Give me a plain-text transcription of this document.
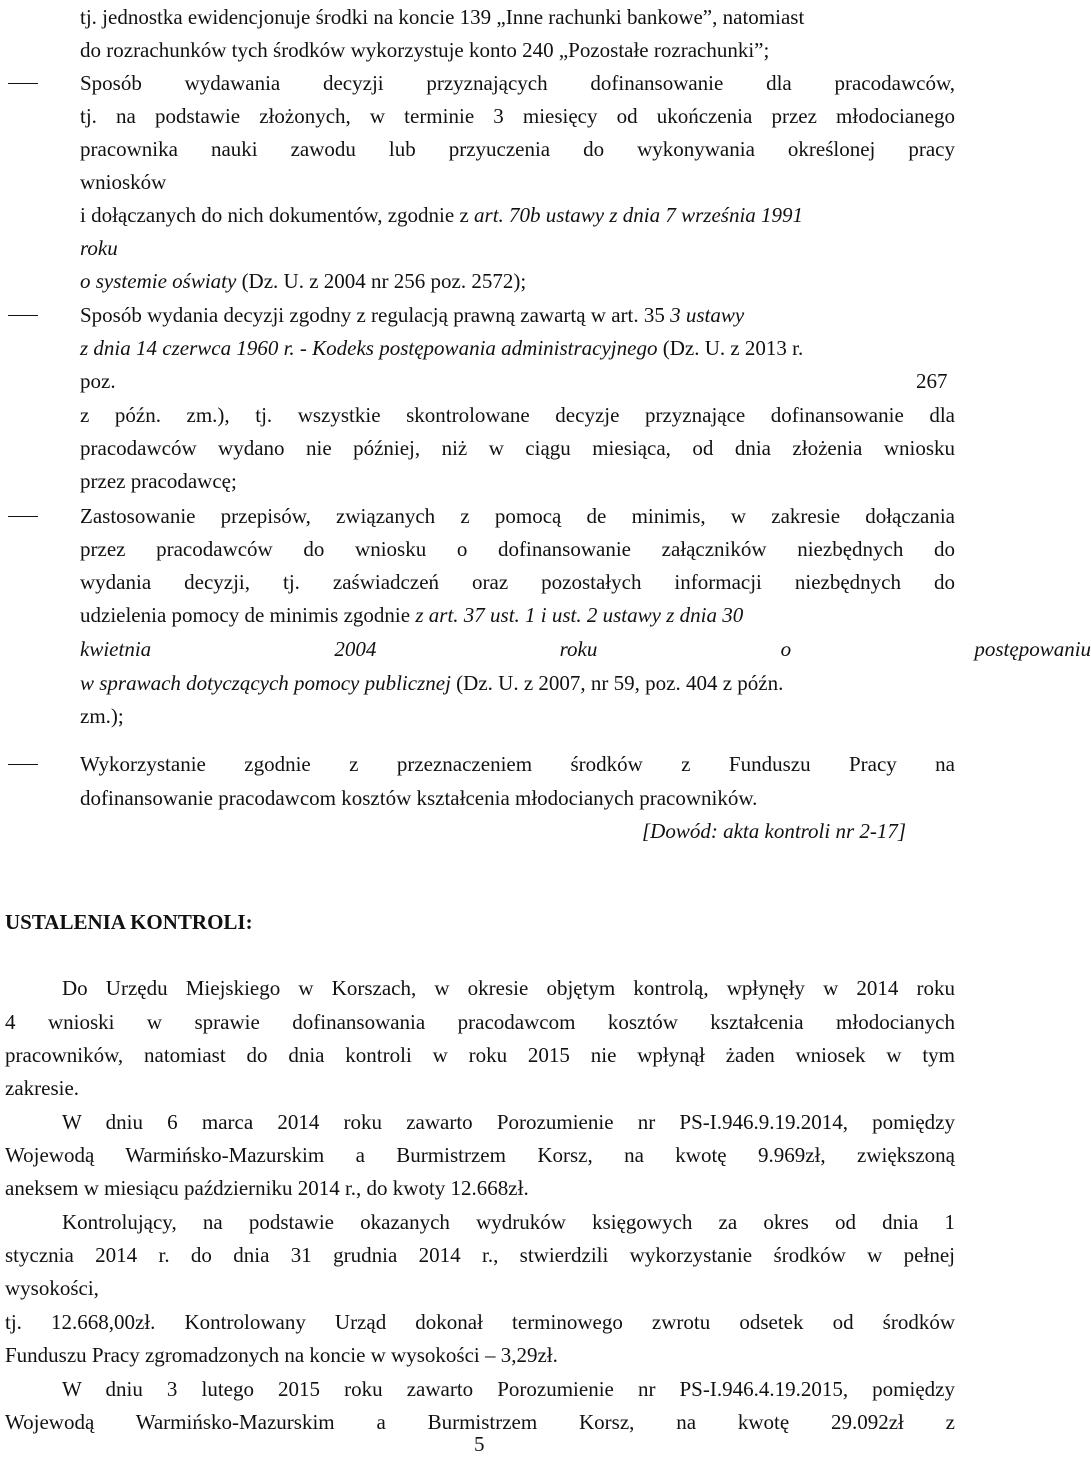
tj. jednostka ewidencjonuje środki na koncie 139 „Inne rachunki bankowe”, natomiast
do rozrachunków tych środków wykorzystuje konto 240 „Pozostałe rozrachunki”;
Sposób wydawania decyzji przyznających dofinansowanie dla pracodawców,
tj. na podstawie złożonych, w terminie 3 miesięcy od ukończenia przez młodocianego
pracownika nauki zawodu lub przyuczenia do wykonywania określonej pracy
wniosków
i dołączanych do nich dokumentów, zgodnie z art. 70b ustawy z dnia 7 września 1991
roku
o systemie oświaty (Dz. U. z 2004 nr 256 poz. 2572);
Sposób wydania decyzji zgodny z regulacją prawną zawartą w art. 35 3 ustawy
z dnia 14 czerwca 1960 r. - Kodeks postępowania administracyjnego (Dz. U. z 2013 r.
poz.	267
z późn. zm.), tj. wszystkie skontrolowane decyzje przyznające dofinansowanie dla
pracodawców wydano nie później, niż w ciągu miesiąca, od dnia złożenia wniosku
przez pracodawcę;
Zastosowanie przepisów, związanych z pomocą de minimis, w zakresie dołączania
przez pracodawców do wniosku o dofinansowanie załączników niezbędnych do
wydania decyzji, tj. zaświadczeń oraz pozostałych informacji niezbędnych do
udzielenia pomocy de minimis zgodnie z art. 37 ust. 1 i ust. 2 ustawy z dnia 30
kwietnia 2004 roku o postępowaniu
w sprawach dotyczących pomocy publicznej (Dz. U. z 2007, nr 59, poz. 404 z późn.
zm.);
Wykorzystanie zgodnie z przeznaczeniem środków z Funduszu Pracy na
dofinansowanie pracodawcom kosztów kształcenia młodocianych pracowników.
[Dowód: akta kontroli nr 2-17]
USTALENIA KONTROLI:
Do Urzędu Miejskiego w Korszach, w okresie objętym kontrolą, wpłynęły w 2014 roku
4 wnioski w sprawie dofinansowania pracodawcom kosztów kształcenia młodocianych
pracowników, natomiast do dnia kontroli w roku 2015 nie wpłynął żaden wniosek w tym
zakresie.
W dniu 6 marca 2014 roku zawarto Porozumienie nr PS-I.946.9.19.2014, pomiędzy
Wojewodą Warmińsko-Mazurskim a Burmistrzem Korsz, na kwotę 9.969zł, zwiększoną
aneksem w miesiącu październiku 2014 r., do kwoty 12.668zł.
Kontrolujący, na podstawie okazanych wydruków księgowych za okres od dnia 1
stycznia 2014 r. do dnia 31 grudnia 2014 r., stwierdzili wykorzystanie środków w pełnej
wysokości,
tj. 12.668,00zł. Kontrolowany Urząd dokonał terminowego zwrotu odsetek od środków
Funduszu Pracy zgromadzonych na koncie w wysokości – 3,29zł.
W dniu 3 lutego 2015 roku zawarto Porozumienie nr PS-I.946.4.19.2015, pomiędzy
Wojewodą Warmińsko-Mazurskim a Burmistrzem Korsz, na kwotę 29.092zł z
5
